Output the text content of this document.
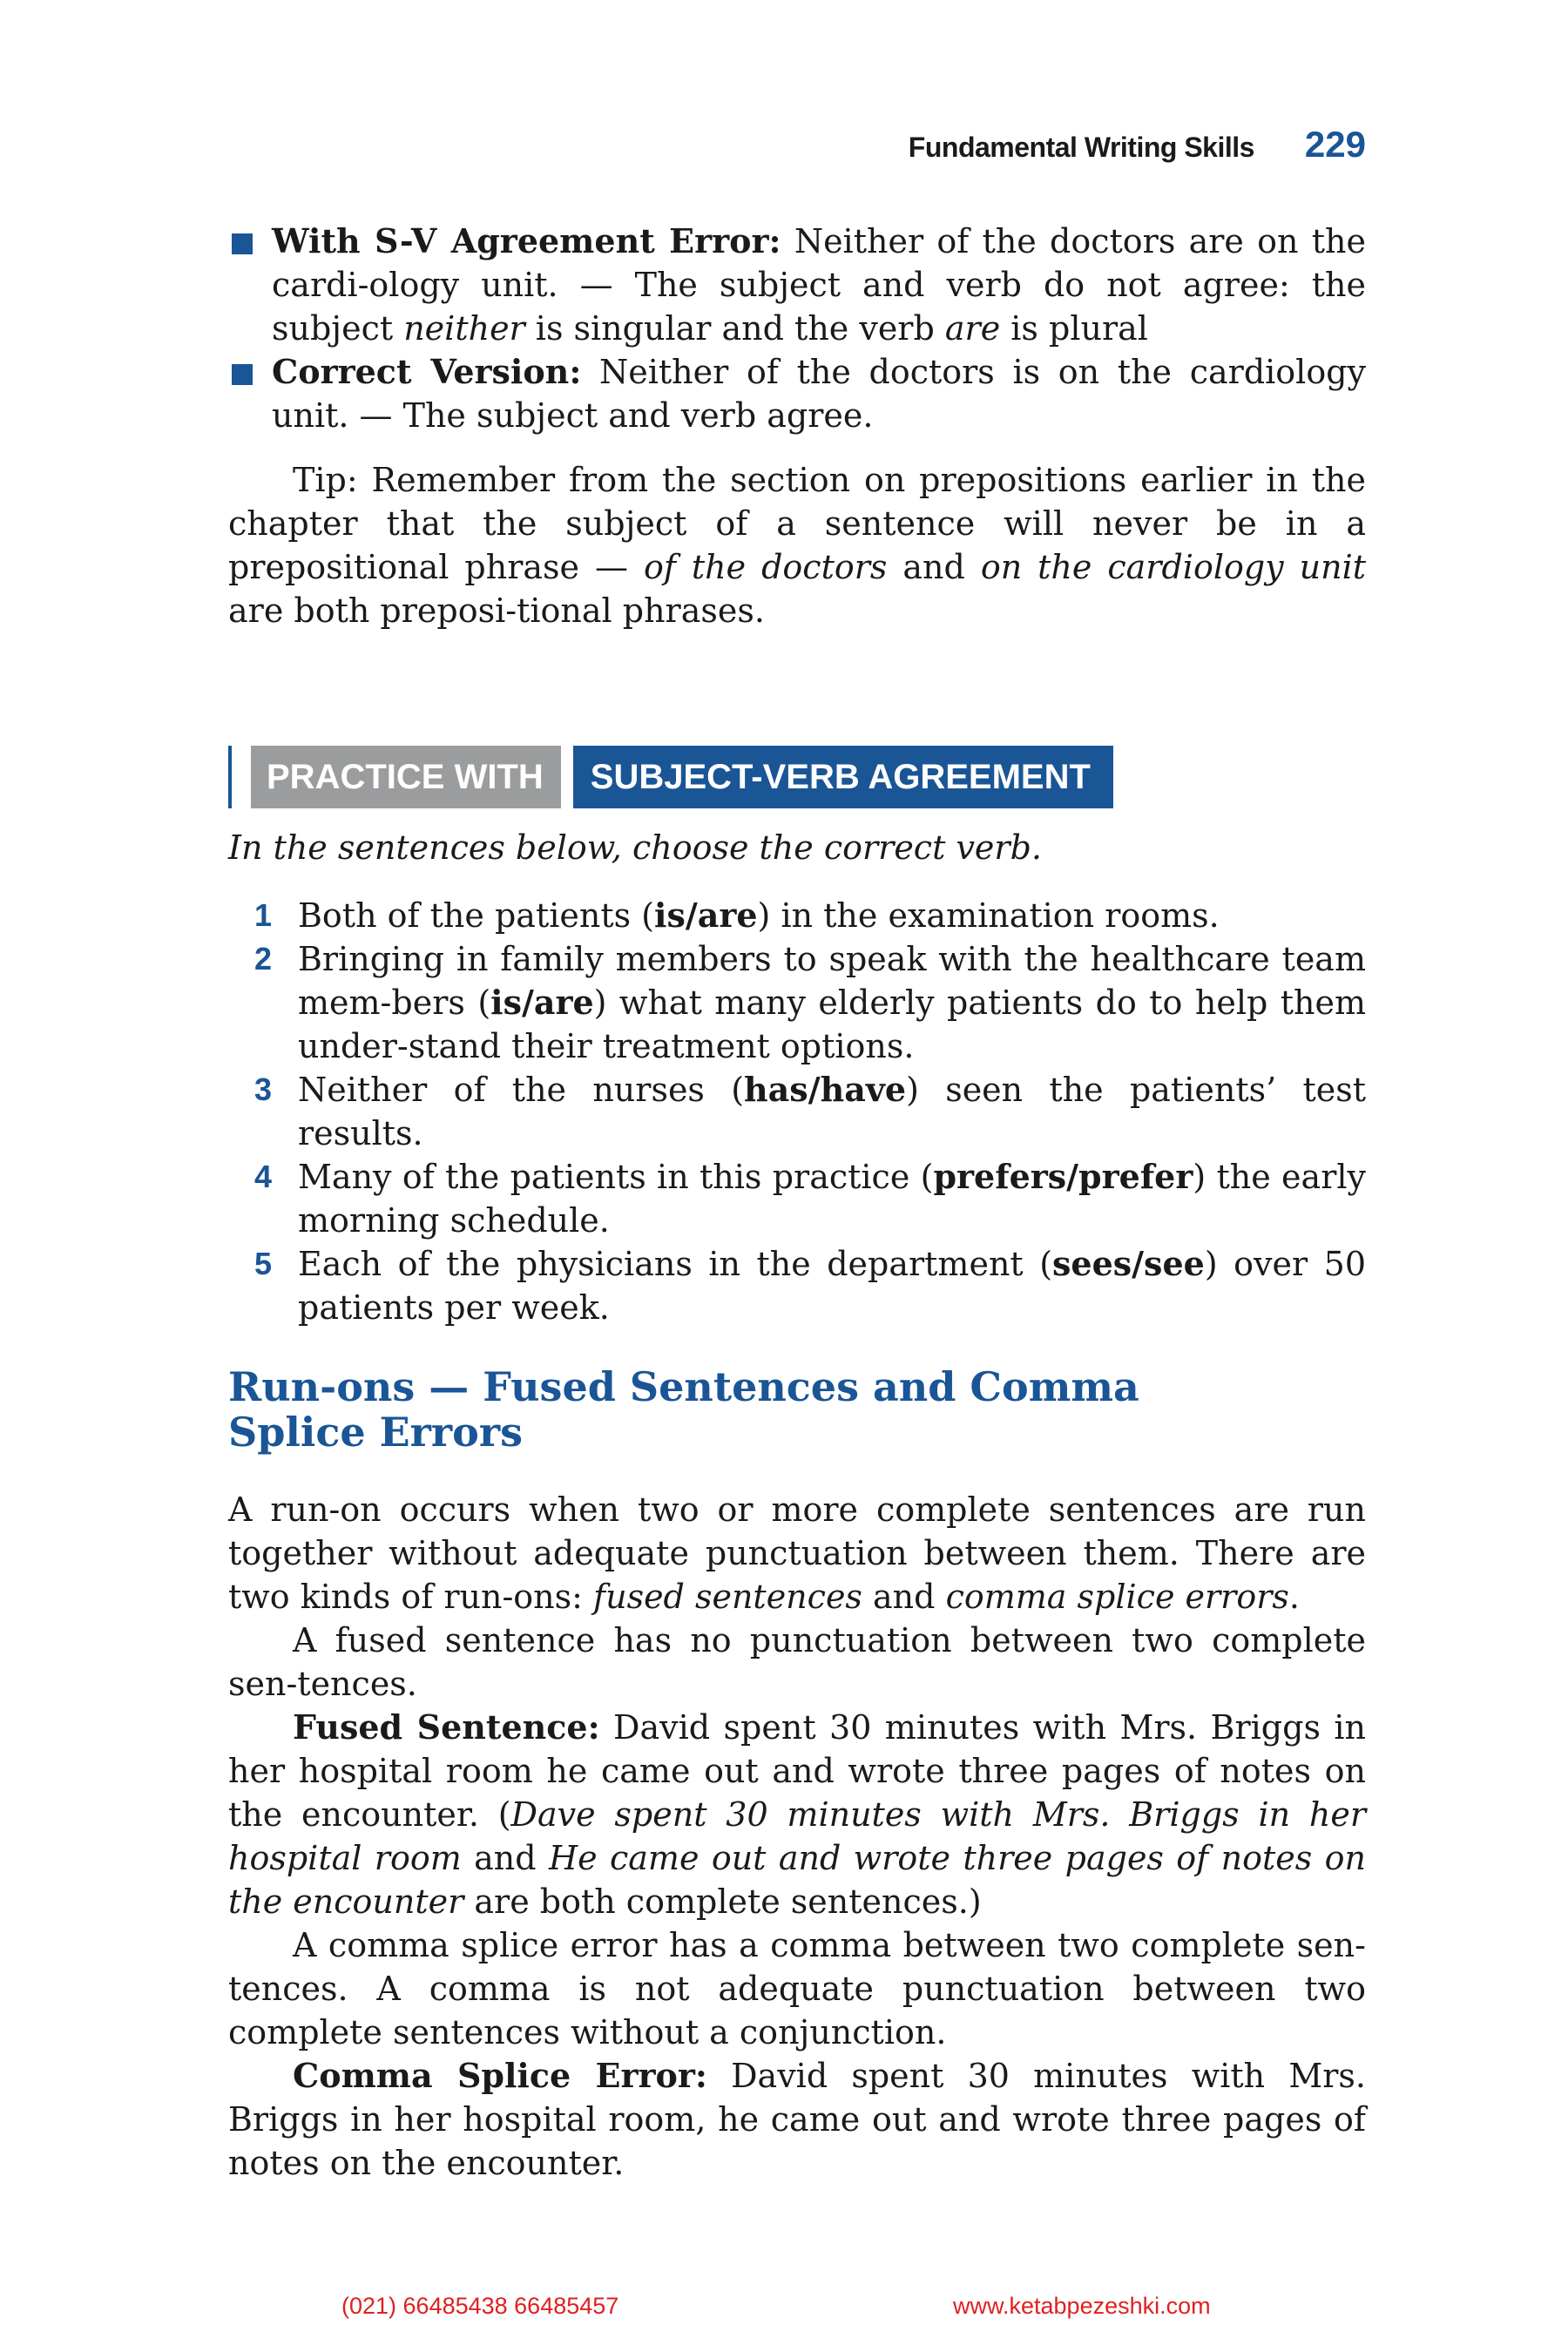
Fundamental Writing Skills 229
With S-V Agreement Error: Neither of the doctors are on the cardi-ology unit. — The subject and verb do not agree: the subject neither is singular and the verb are is plural
Correct Version: Neither of the doctors is on the cardiology unit. — The subject and verb agree.
Tip: Remember from the section on prepositions earlier in the chapter that the subject of a sentence will never be in a prepositional phrase — of the doctors and on the cardiology unit are both preposi-tional phrases.
PRACTICE WITH	SUBJECT-VERB AGREEMENT
In the sentences below, choose the correct verb.
1 Both of the patients (is/are) in the examination rooms.
2 Bringing in family members to speak with the healthcare team mem-bers (is/are) what many elderly patients do to help them under-stand their treatment options.
3 Neither of the nurses (has/have) seen the patients’ test results.
4 Many of the patients in this practice (prefers/prefer) the early morning schedule.
5 Each of the physicians in the department (sees/see) over 50 patients per week.
Run-ons — Fused Sentences and Comma Splice Errors
A run-on occurs when two or more complete sentences are run together without adequate punctuation between them. There are two kinds of run-ons: fused sentences and comma splice errors.
A fused sentence has no punctuation between two complete sen-tences.
Fused Sentence: David spent 30 minutes with Mrs. Briggs in her hospital room he came out and wrote three pages of notes on the encounter. (Dave spent 30 minutes with Mrs. Briggs in her hospital room and He came out and wrote three pages of notes on the encounter are both complete sentences.)
A comma splice error has a comma between two complete sen-tences. A comma is not adequate punctuation between two complete sentences without a conjunction.
Comma Splice Error: David spent 30 minutes with Mrs. Briggs in her hospital room, he came out and wrote three pages of notes on the encounter.
(021) 66485438 66485457	www.ketabpezeshki.com
